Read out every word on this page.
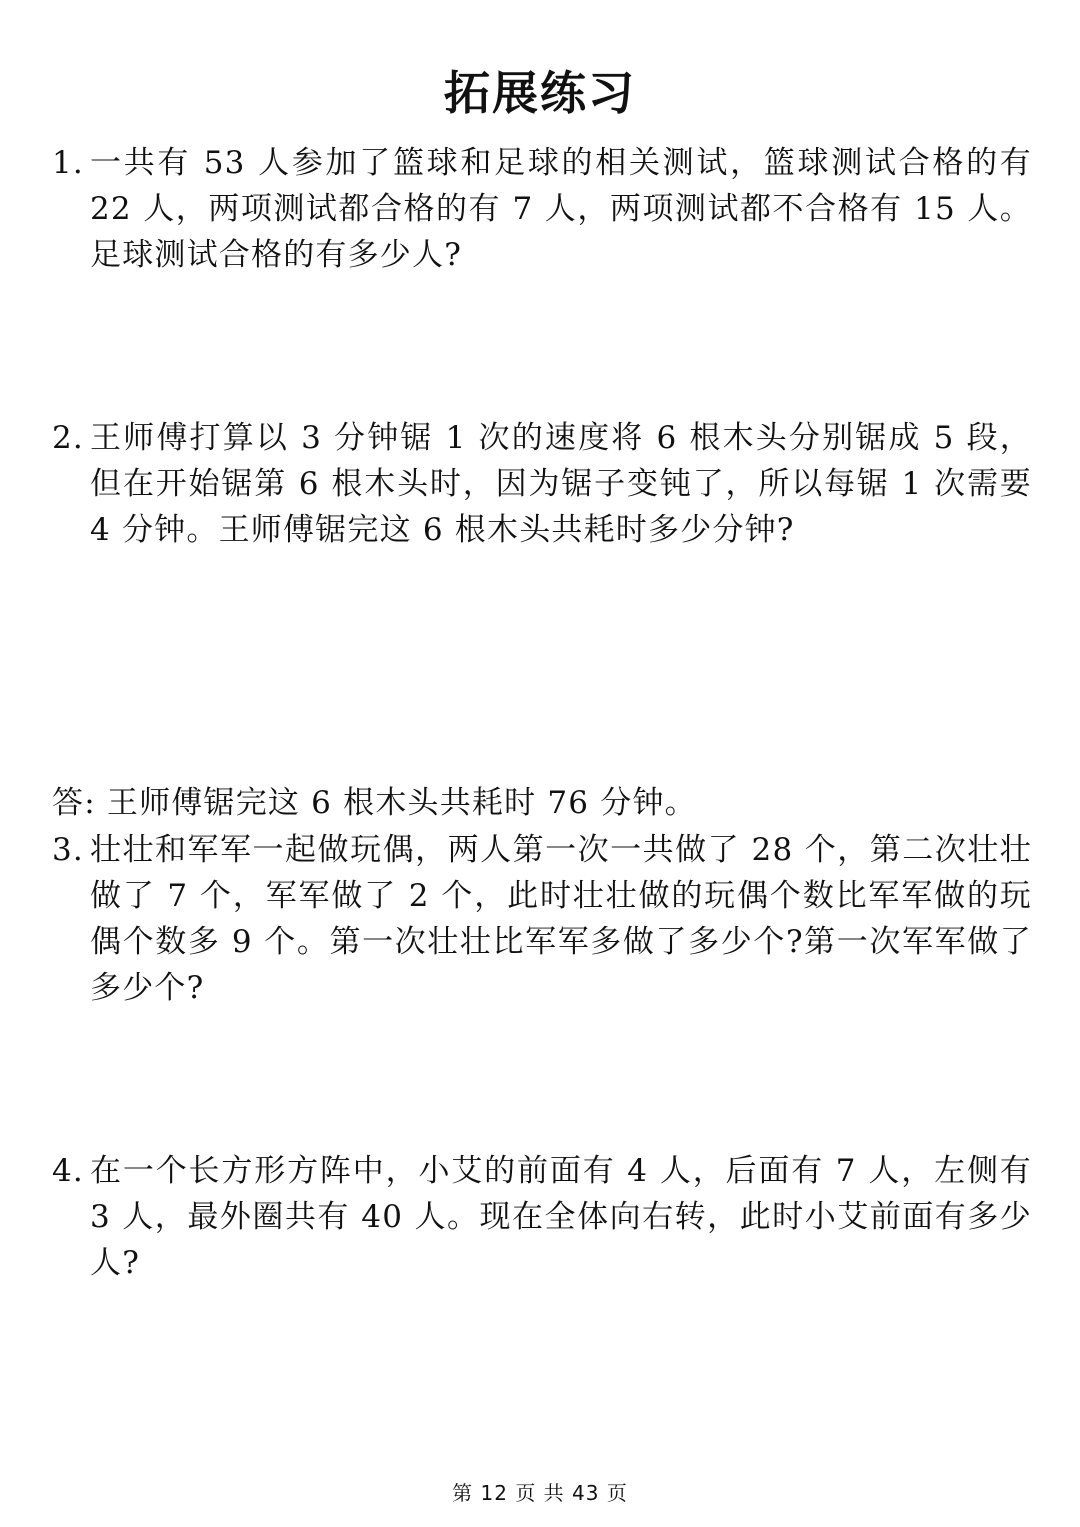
拓展练习
1. 一共有 53 人参加了篮球和足球的相关测试，篮球测试合格的有 22 人，两项测试都合格的有 7 人，两项测试都不合格有 15 人。足球测试合格的有多少人?
2. 王师傅打算以 3 分钟锯 1 次的速度将 6 根木头分别锯成 5 段，但在开始锯第 6 根木头时，因为锯子变钝了，所以每锯 1 次需要 4 分钟。王师傅锯完这 6 根木头共耗时多少分钟?
答: 王师傅锯完这 6 根木头共耗时 76 分钟。
3. 壮壮和军军一起做玩偶，两人第一次一共做了 28 个，第二次壮壮做了 7 个，军军做了 2 个，此时壮壮做的玩偶个数比军军做的玩偶个数多 9 个。第一次壮壮比军军多做了多少个?第一次军军做了多少个?
4. 在一个长方形方阵中，小艾的前面有 4 人，后面有 7 人，左侧有 3 人，最外圈共有 40 人。现在全体向右转，此时小艾前面有多少人?
第 12 页 共 43 页
